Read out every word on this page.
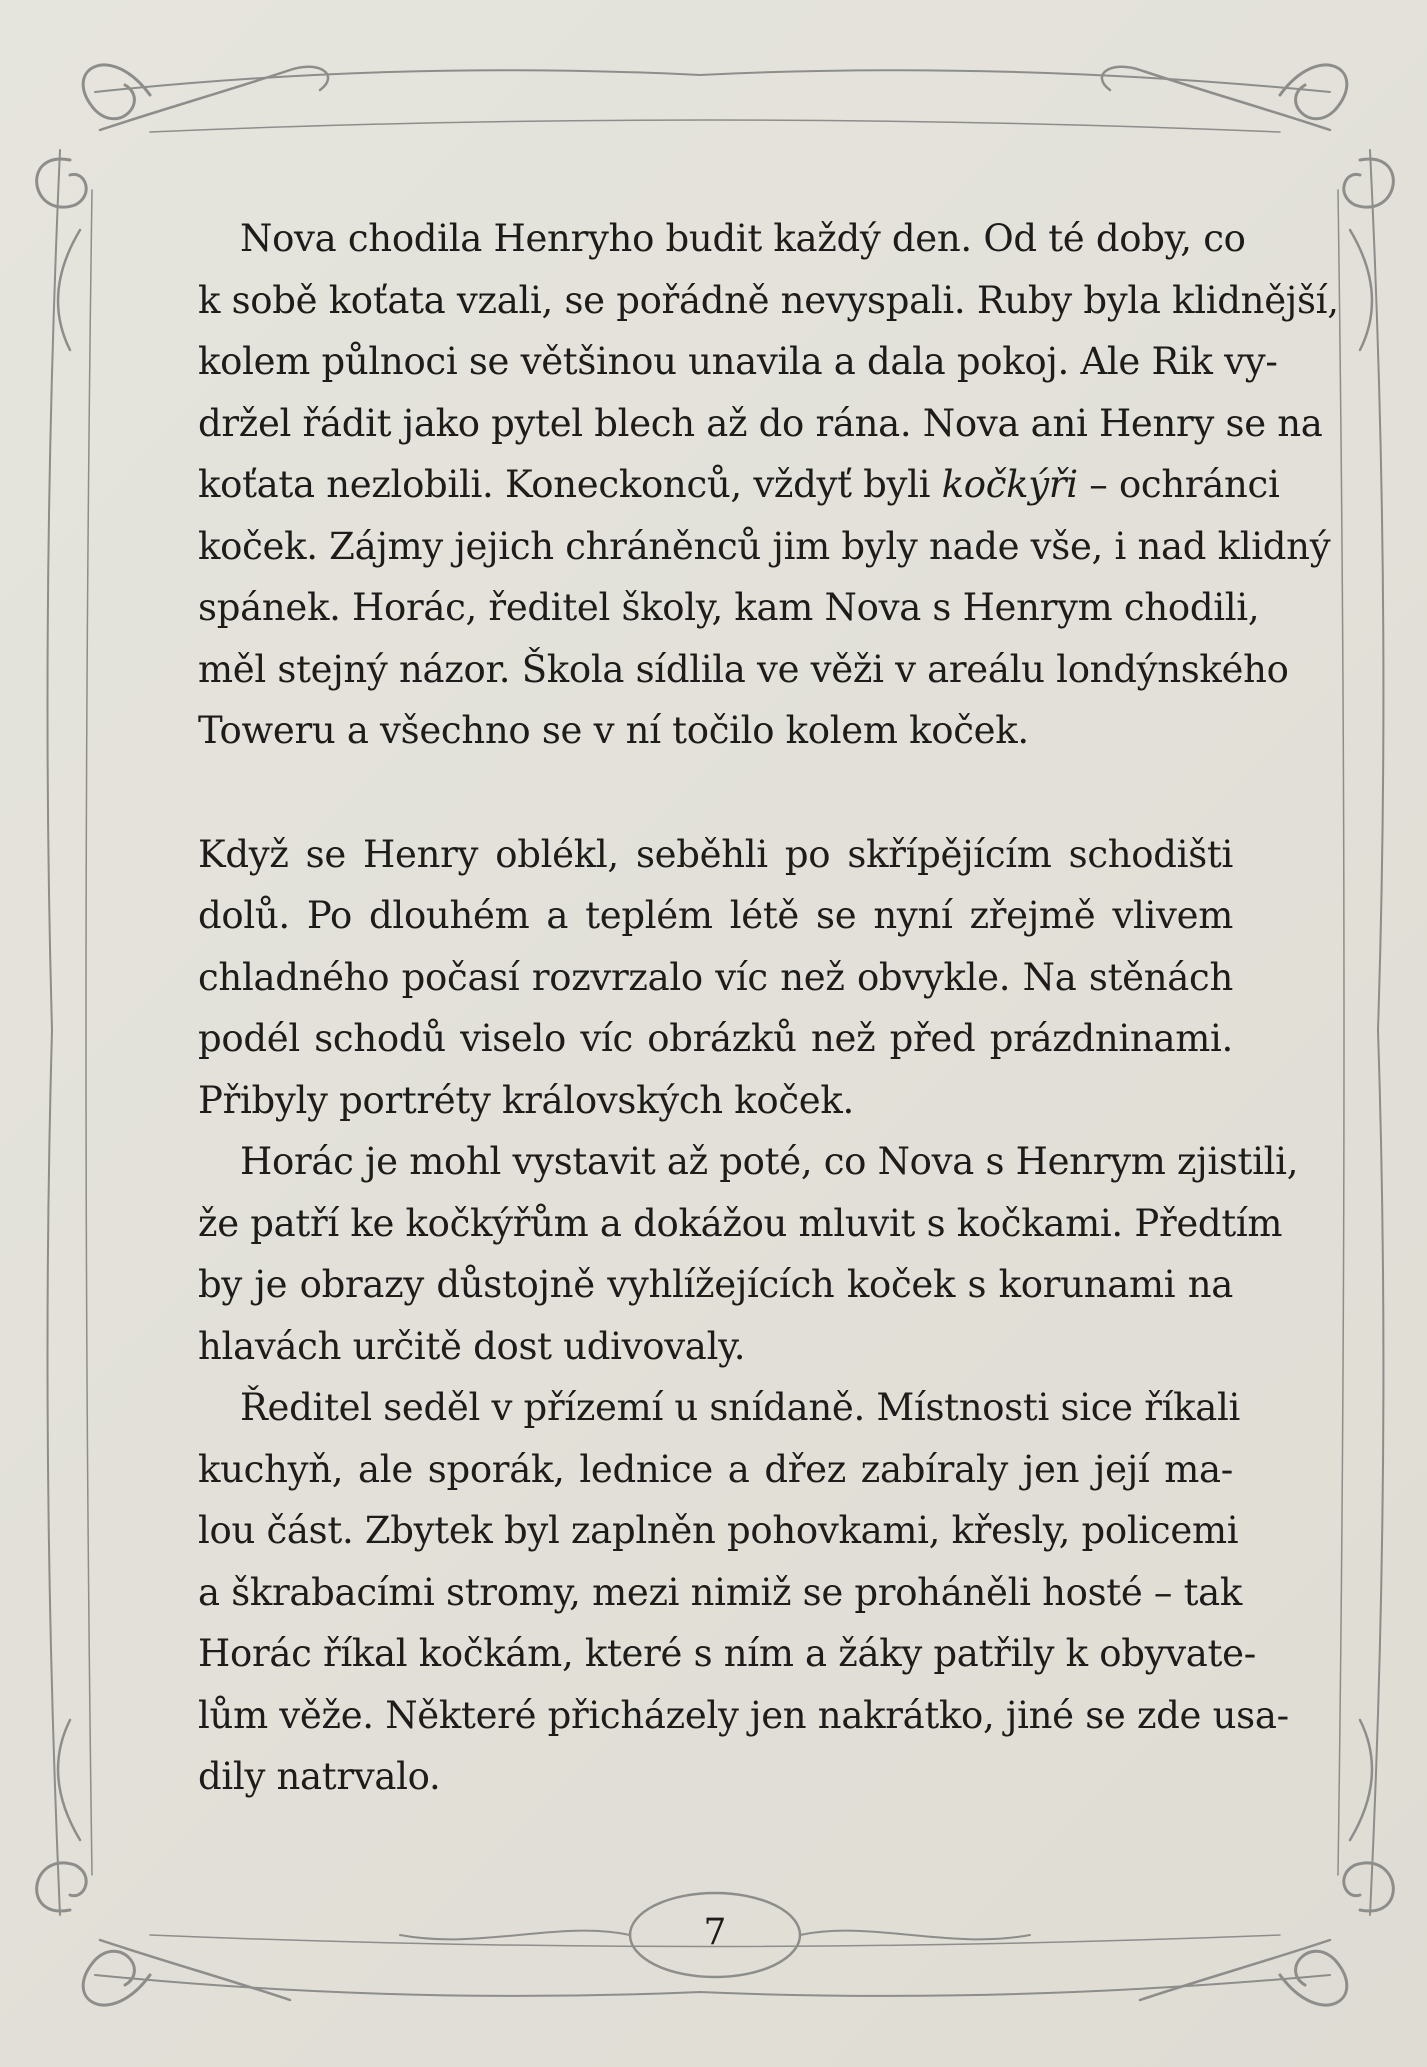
Nova chodila Henryho budit každý den. Od té doby, co
k sobě koťata vzali, se pořádně nevyspali. Ruby byla klidnější,
kolem půlnoci se většinou unavila a dala pokoj. Ale Rik vy-
držel řádit jako pytel blech až do rána. Nova ani Henry se na
koťata nezlobili. Koneckonců, vždyť byli kočkýři – ochránci
koček. Zájmy jejich chráněnců jim byly nade vše, i nad klidný
spánek. Horác, ředitel školy, kam Nova s Henrym chodili,
měl stejný názor. Škola sídlila ve věži v areálu londýnského
Toweru a všechno se v ní točilo kolem koček.
Když se Henry oblékl, seběhli po skřípějícím schodišti
dolů. Po dlouhém a teplém létě se nyní zřejmě vlivem
chladného počasí rozvrzalo víc než obvykle. Na stěnách
podél schodů viselo víc obrázků než před prázdninami.
Přibyly portréty královských koček.
Horác je mohl vystavit až poté, co Nova s Henrym zjistili,
že patří ke kočkýřům a dokážou mluvit s kočkami. Předtím
by je obrazy důstojně vyhlížejících koček s korunami na
hlavách určitě dost udivovaly.
Ředitel seděl v přízemí u snídaně. Místnosti sice říkali
kuchyň, ale sporák, lednice a dřez zabíraly jen její ma-
lou část. Zbytek byl zaplněn pohovkami, křesly, policemi
a škrabacími stromy, mezi nimiž se proháněli hosté – tak
Horác říkal kočkám, které s ním a žáky patřily k obyvate-
lům věže. Některé přicházely jen nakrátko, jiné se zde usa-
dily natrvalo.
7
